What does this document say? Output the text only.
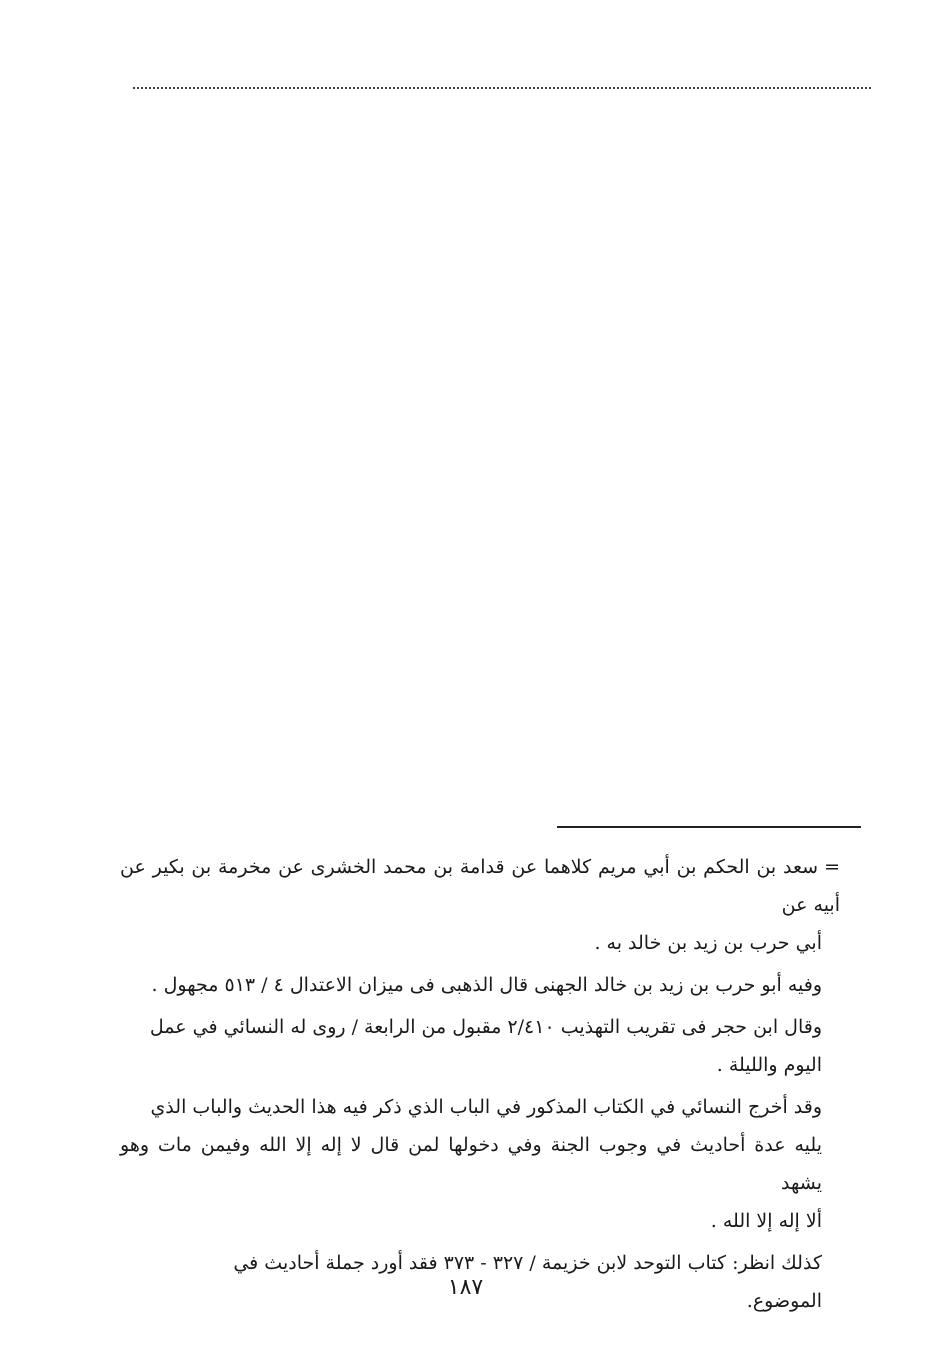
=سعد بن الحكم بن أبي مريم كلاهما عن قدامة بن محمد الخشرى عن مخرمة بن بكير عن أبيه عن

أبي حرب بن زيد بن خالد به .

وفيه أبو حرب بن زيد بن خالد الجهنى قال الذهبى فى ميزان الاعتدال ٤ / ٥١٣ مجهول .

وقال ابن حجر فى تقريب التهذيب ٢/٤١٠ مقبول من الرابعة / روى له النسائي في عمل

اليوم والليلة .

وقد أخرج النسائي في الكتاب المذكور في الباب الذي ذكر فيه هذا الحديث والباب الذي

يليه عدة أحاديث في وجوب الجنة وفي دخولها لمن قال لا إله إلا الله وفيمن مات وهو يشهد

ألا إله إلا الله .

كذلك انظر: كتاب التوحد لابن خزيمة / ٣٢٧ - ٣٧٣ فقد أورد جملة أحاديث في

الموضوع.

١٨٧
